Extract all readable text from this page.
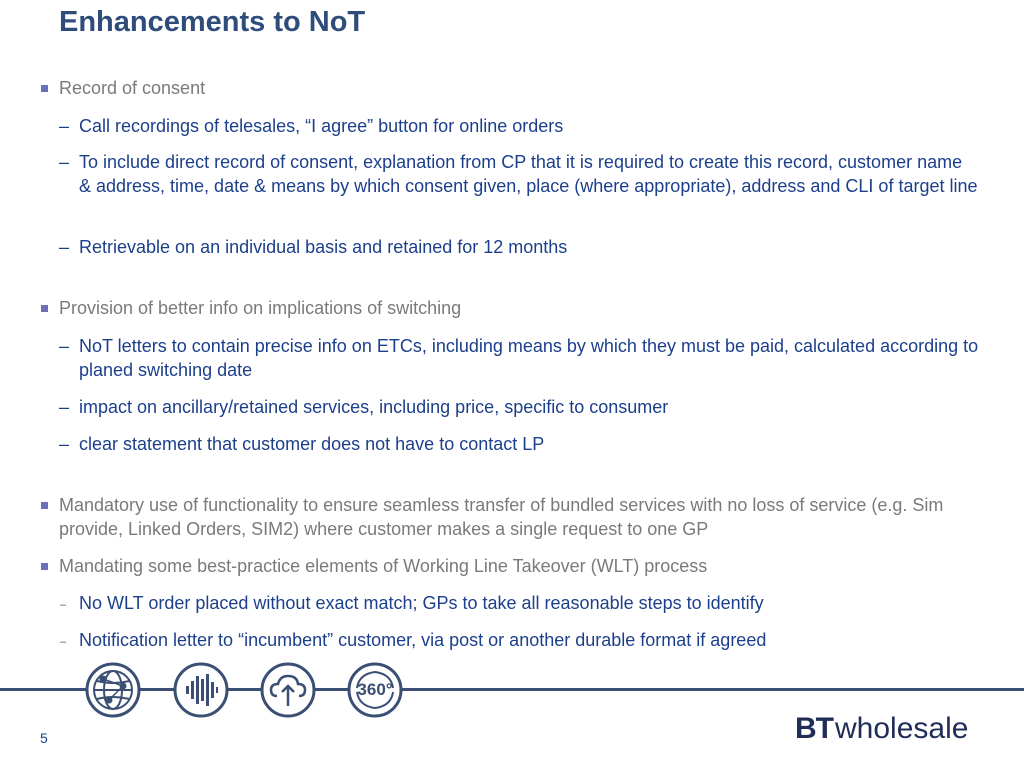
Enhancements to NoT
Record of consent
– Call recordings of telesales, “I agree” button for online orders
– To include direct record of consent, explanation from CP that it is required to create this record, customer name & address, time, date & means by which consent given, place (where appropriate), address and CLI of target line
– Retrievable on an individual basis and retained for 12 months
Provision of better info on implications of switching
– NoT letters to contain precise info on ETCs, including means by which they must be paid, calculated according to planed switching date
– impact on ancillary/retained services, including price, specific to consumer
– clear statement that customer does not have to contact LP
Mandatory use of functionality to ensure seamless transfer of bundled services with no loss of service (e.g. Sim provide, Linked Orders, SIM2) where customer makes a single request to one GP
Mandating some best-practice elements of Working Line Takeover (WLT) process
– No WLT order placed without exact match; GPs to take all reasonable steps to identify
– Notification letter to “incumbent” customer, via post or another durable format if agreed
360°
5	BT wholesale
